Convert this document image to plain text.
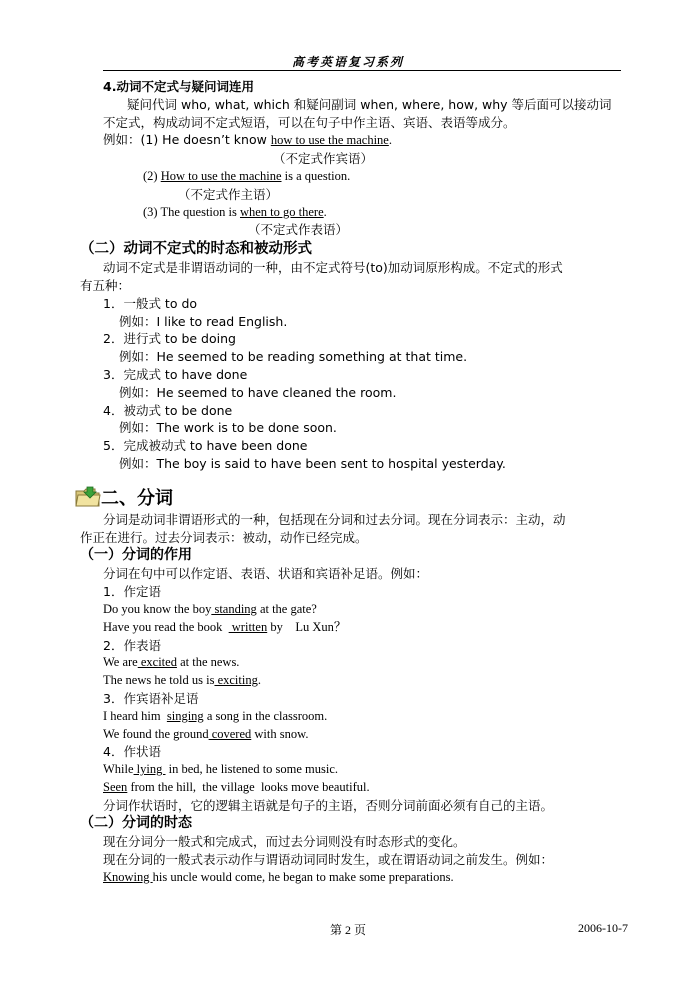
高考英语复习系列
4.动词不定式与疑问词连用
疑问代词 who, what, which 和疑问副词 when, where, how, why 等后面可以接动词
不定式，构成动词不定式短语，可以在句子中作主语、宾语、表语等成分。
例如：(1) He doesn’t know how to use the machine.
（不定式作宾语）
(2) How to use the machine is a question.
（不定式作主语）
(3) The question is when to go there.
（不定式作表语）
（二）动词不定式的时态和被动形式
动词不定式是非谓语动词的一种，由不定式符号(to)加动词原形构成。不定式的形式
有五种：
1．一般式 to do
例如：I like to read English.
2．进行式 to be doing
例如：He seemed to be reading something at that time.
3．完成式 to have done
例如：He seemed to have cleaned the room.
4．被动式 to be done
例如：The work is to be done soon.
5．完成被动式 to have been done
例如：The boy is said to have been sent to hospital yesterday.
二、分词
分词是动词非谓语形式的一种，包括现在分词和过去分词。现在分词表示：主动，动
作正在进行。过去分词表示：被动，动作已经完成。
（一）分词的作用
分词在句中可以作定语、表语、状语和宾语补足语。例如：
1．作定语
Do you know the boy standing at the gate?
Have you read the book   written by    Lu Xun？
2．作表语
We are excited at the news.
The news he told us is exciting.
3．作宾语补足语
I heard him  singing a song in the classroom.
We found the ground covered with snow.
4．作状语
While lying  in bed, he listened to some music.
Seen from the hill,  the village  looks move beautiful.
分词作状语时，它的逻辑主语就是句子的主语，否则分词前面必须有自己的主语。
（二）分词的时态
现在分词分一般式和完成式，而过去分词则没有时态形式的变化。
现在分词的一般式表示动作与谓语动词同时发生，或在谓语动词之前发生。例如：
Knowing his uncle would come, he began to make some preparations.
第 2 页	2006-10-7
